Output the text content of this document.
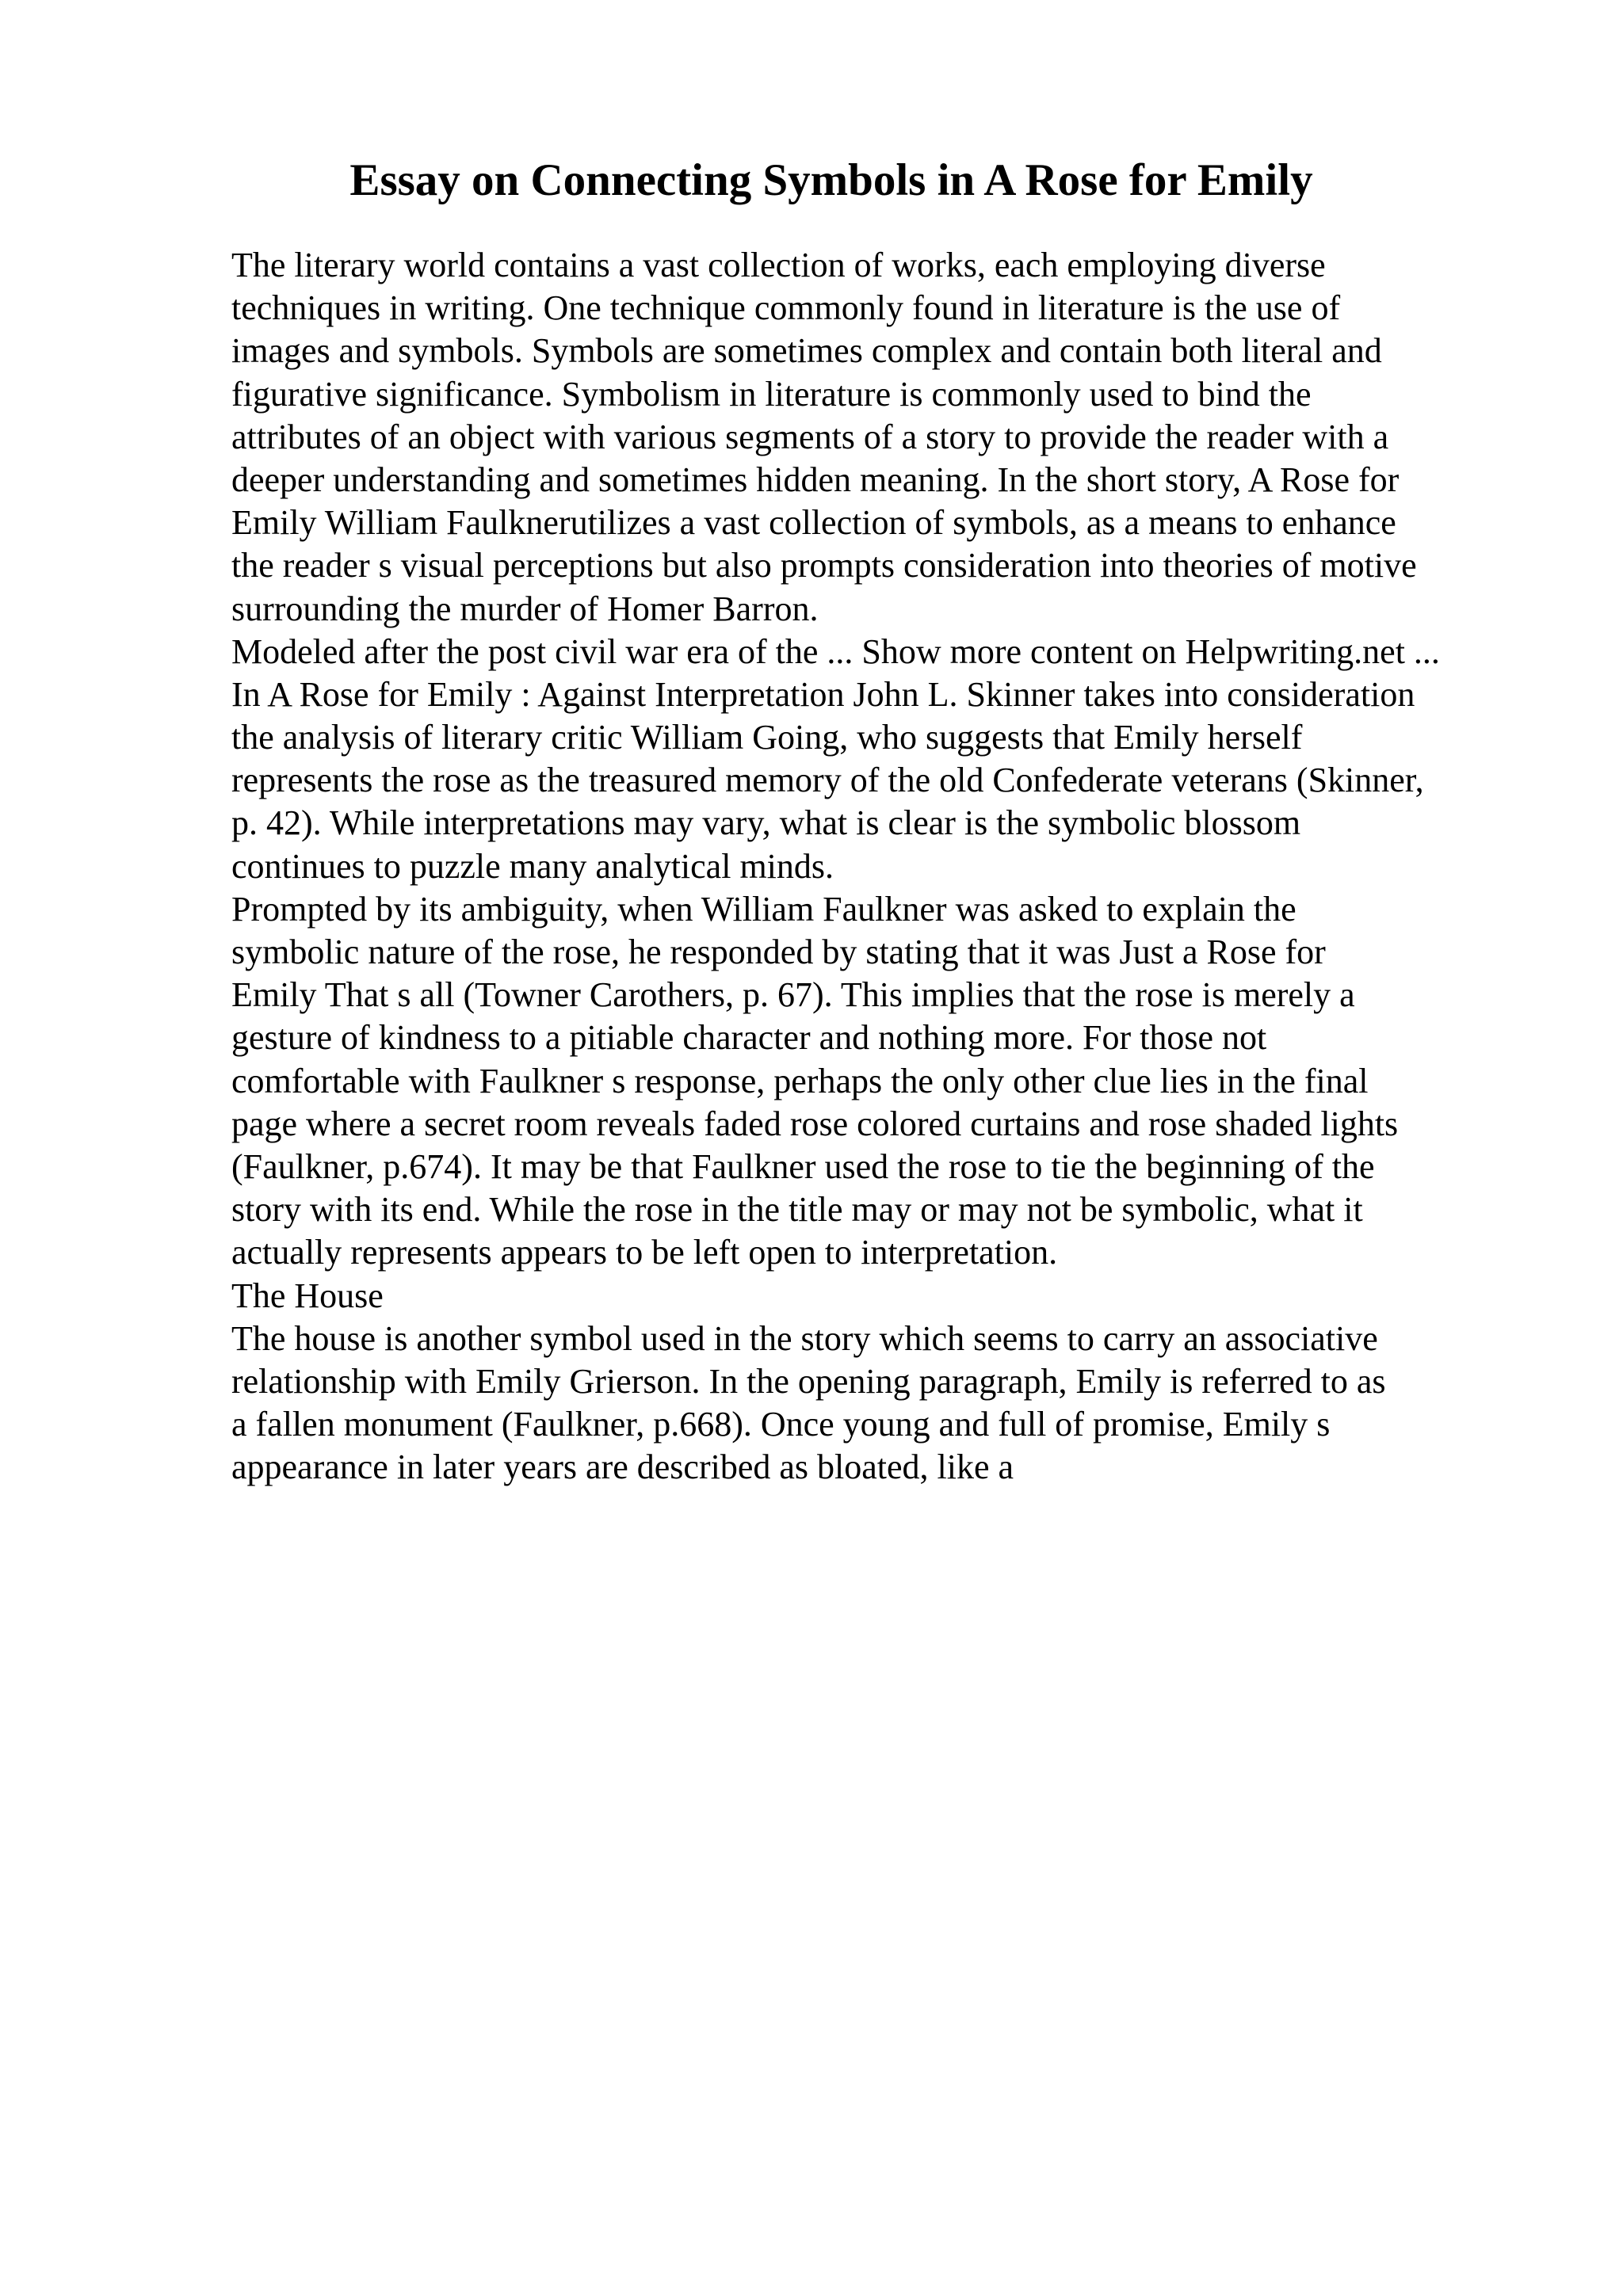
Essay on Connecting Symbols in A Rose for Emily
The literary world contains a vast collection of works, each employing diverse
techniques in writing. One technique commonly found in literature is the use of
images and symbols. Symbols are sometimes complex and contain both literal and
figurative significance. Symbolism in literature is commonly used to bind the
attributes of an object with various segments of a story to provide the reader with a
deeper understanding and sometimes hidden meaning. In the short story, A Rose for
Emily William Faulknerutilizes a vast collection of symbols, as a means to enhance
the reader s visual perceptions but also prompts consideration into theories of motive
surrounding the murder of Homer Barron.
Modeled after the post civil war era of the ... Show more content on Helpwriting.net ...
In A Rose for Emily : Against Interpretation John L. Skinner takes into consideration
the analysis of literary critic William Going, who suggests that Emily herself
represents the rose as the treasured memory of the old Confederate veterans (Skinner,
p. 42). While interpretations may vary, what is clear is the symbolic blossom
continues to puzzle many analytical minds.
Prompted by its ambiguity, when William Faulkner was asked to explain the
symbolic nature of the rose, he responded by stating that it was Just a Rose for
Emily That s all (Towner Carothers, p. 67). This implies that the rose is merely a
gesture of kindness to a pitiable character and nothing more. For those not
comfortable with Faulkner s response, perhaps the only other clue lies in the final
page where a secret room reveals faded rose colored curtains and rose shaded lights
(Faulkner, p.674). It may be that Faulkner used the rose to tie the beginning of the
story with its end. While the rose in the title may or may not be symbolic, what it
actually represents appears to be left open to interpretation.
The House
The house is another symbol used in the story which seems to carry an associative
relationship with Emily Grierson. In the opening paragraph, Emily is referred to as
a fallen monument (Faulkner, p.668). Once young and full of promise, Emily s
appearance in later years are described as bloated, like a
